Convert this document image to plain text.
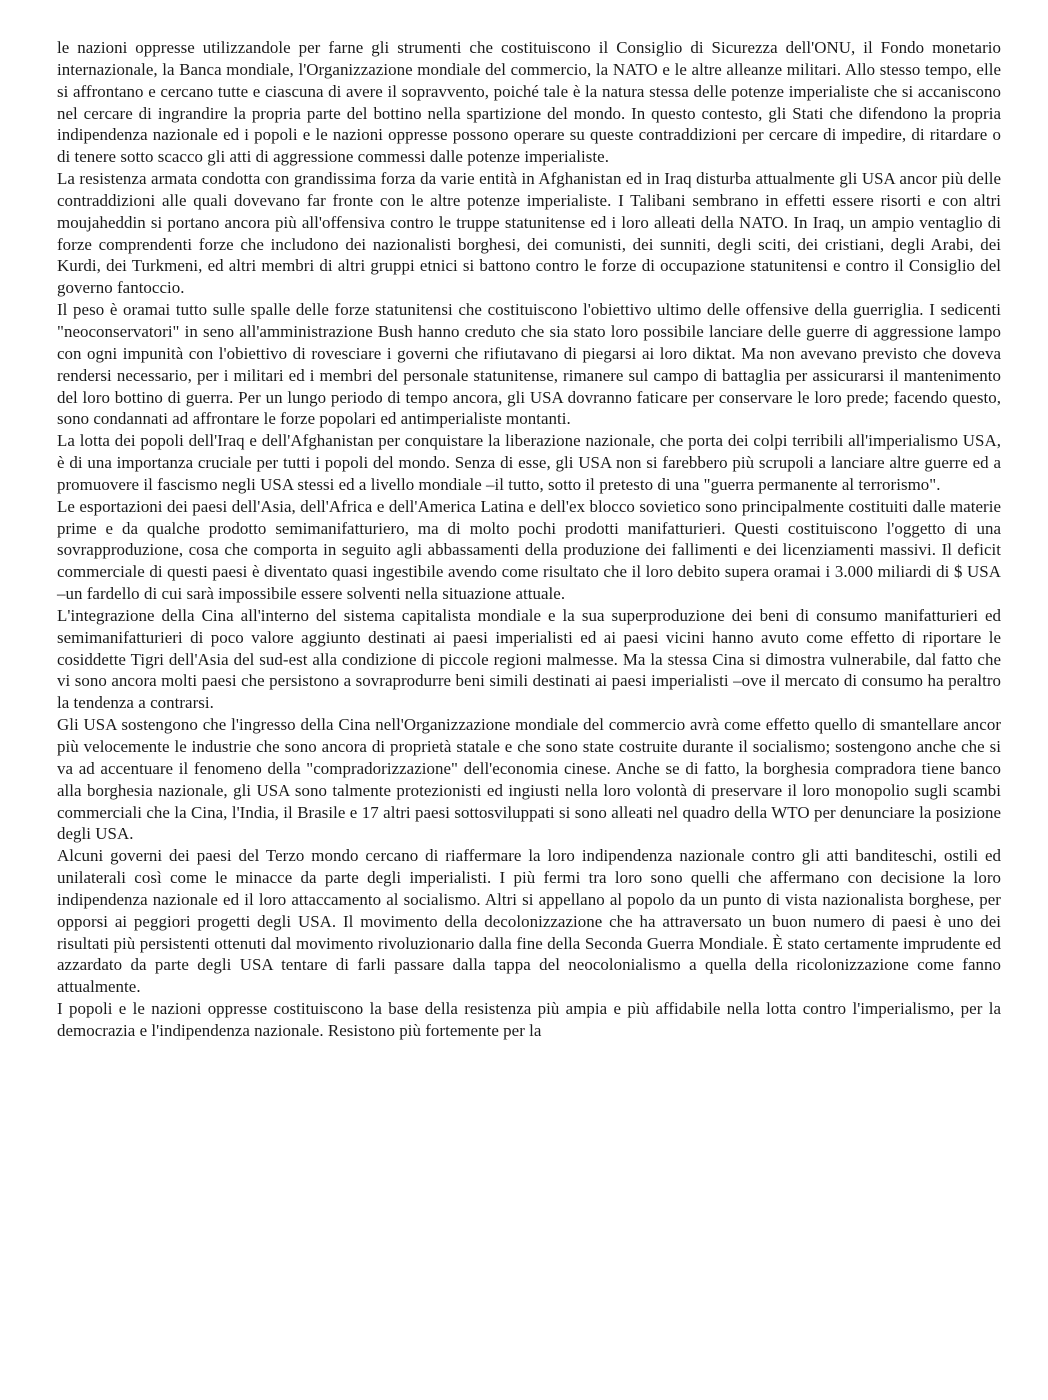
le nazioni oppresse utilizzandole per farne gli strumenti che costituiscono il Consiglio di Sicurezza dell'ONU, il Fondo monetario internazionale, la Banca mondiale, l'Organizzazione mondiale del commercio, la NATO e le altre alleanze militari. Allo stesso tempo, elle si affrontano e cercano tutte e ciascuna di avere il sopravvento, poiché tale è la natura stessa delle potenze imperialiste che si accaniscono nel cercare di ingrandire la propria parte del bottino nella spartizione del mondo. In questo contesto, gli Stati che difendono la propria indipendenza nazionale ed i popoli e le nazioni oppresse possono operare su queste contraddizioni per cercare di impedire, di ritardare o di tenere sotto scacco gli atti di aggressione commessi dalle potenze imperialiste.

La resistenza armata condotta con grandissima forza da varie entità in Afghanistan ed in Iraq disturba attualmente gli USA ancor più delle contraddizioni alle quali dovevano far fronte con le altre potenze imperialiste. I Talibani sembrano in effetti essere risorti e con altri moujaheddin si portano ancora più all'offensiva contro le truppe statunitense ed i loro alleati della NATO. In Iraq, un ampio ventaglio di forze comprendenti forze che includono dei nazionalisti borghesi, dei comunisti, dei sunniti, degli sciti, dei cristiani, degli Arabi, dei Kurdi, dei Turkmeni, ed altri membri di altri gruppi etnici si battono contro le forze di occupazione statunitensi e contro il Consiglio del governo fantoccio.

Il peso è oramai tutto sulle spalle delle forze statunitensi che costituiscono l'obiettivo ultimo delle offensive della guerriglia. I sedicenti "neoconservatori" in seno all'amministrazione Bush hanno creduto che sia stato loro possibile lanciare delle guerre di aggressione lampo con ogni impunità con l'obiettivo di rovesciare i governi che rifiutavano di piegarsi ai loro diktat. Ma non avevano previsto che doveva rendersi necessario, per i militari ed i membri del personale statunitense, rimanere sul campo di battaglia per assicurarsi il mantenimento del loro bottino di guerra. Per un lungo periodo di tempo ancora, gli USA dovranno faticare per conservare le loro prede; facendo questo, sono condannati ad affrontare le forze popolari ed antimperialiste montanti.

La lotta dei popoli dell'Iraq e dell'Afghanistan per conquistare la liberazione nazionale, che porta dei colpi terribili all'imperialismo USA, è di una importanza cruciale per tutti i popoli del mondo. Senza di esse, gli USA non si farebbero più scrupoli a lanciare altre guerre ed a promuovere il fascismo negli USA stessi ed a livello mondiale –il tutto, sotto il pretesto di una "guerra permanente al terrorismo".

Le esportazioni dei paesi dell'Asia, dell'Africa e dell'America Latina e dell'ex blocco sovietico sono principalmente costituiti dalle materie prime e da qualche prodotto semimanifatturiero, ma di molto pochi prodotti manifatturieri. Questi costituiscono l'oggetto di una sovrapproduzione, cosa che comporta in seguito agli abbassamenti della produzione dei fallimenti e dei licenziamenti massivi. Il deficit commerciale di questi paesi è diventato quasi ingestibile avendo come risultato che il loro debito supera oramai i 3.000 miliardi di $ USA –un fardello di cui sarà impossibile essere solventi nella situazione attuale.

L'integrazione della Cina all'interno del sistema capitalista mondiale e la sua superproduzione dei beni di consumo manifatturieri ed semimanifatturieri di poco valore aggiunto destinati ai paesi imperialisti ed ai paesi vicini hanno avuto come effetto di riportare le cosiddette Tigri dell'Asia del sud-est alla condizione di piccole regioni malmesse. Ma la stessa Cina si dimostra vulnerabile, dal fatto che vi sono ancora molti paesi che persistono a sovraprodurre beni simili destinati ai paesi imperialisti –ove il mercato di consumo ha peraltro la tendenza a contrarsi.

Gli USA sostengono che l'ingresso della Cina nell'Organizzazione mondiale del commercio avrà come effetto quello di smantellare ancor più velocemente le industrie che sono ancora di proprietà statale e che sono state costruite durante il socialismo; sostengono anche che si va ad accentuare il fenomeno della "compradorizzazione" dell'economia cinese. Anche se di fatto, la borghesia compradora tiene banco alla borghesia nazionale, gli USA sono talmente protezionisti ed ingiusti nella loro volontà di preservare il loro monopolio sugli scambi commerciali che la Cina, l'India, il Brasile e 17 altri paesi sottosviluppati si sono alleati nel quadro della WTO per denunciare la posizione degli USA.

Alcuni governi dei paesi del Terzo mondo cercano di riaffermare la loro indipendenza nazionale contro gli atti banditeschi, ostili ed unilaterali così come le minacce da parte degli imperialisti. I più fermi tra loro sono quelli che affermano con decisione la loro indipendenza nazionale ed il loro attaccamento al socialismo. Altri si appellano al popolo da un punto di vista nazionalista borghese, per opporsi ai peggiori progetti degli USA. Il movimento della decolonizzazione che ha attraversato un buon numero di paesi è uno dei risultati più persistenti ottenuti dal movimento rivoluzionario dalla fine della Seconda Guerra Mondiale. È stato certamente imprudente ed azzardato da parte degli USA tentare di farli passare dalla tappa del neocolonialismo a quella della ricolonizzazione come fanno attualmente.

I popoli e le nazioni oppresse costituiscono la base della resistenza più ampia e più affidabile nella lotta contro l'imperialismo, per la democrazia e l'indipendenza nazionale. Resistono più fortemente per la
